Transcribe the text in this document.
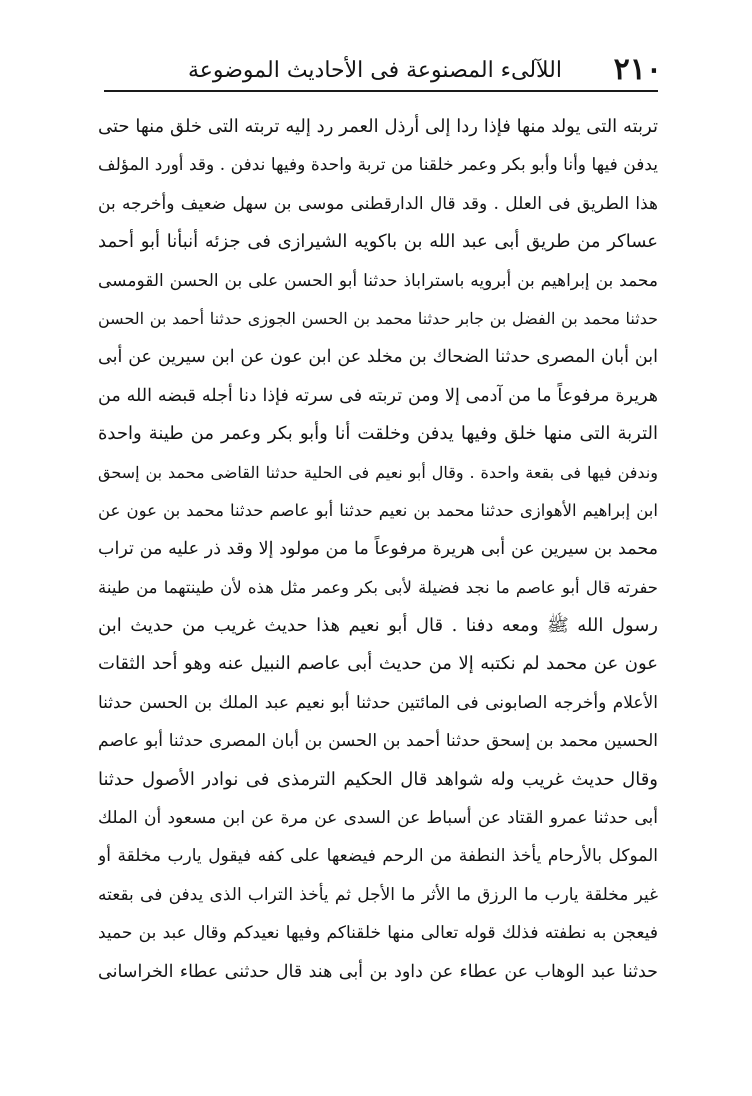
٢١٠
اللآلىء المصنوعة فى الأحاديث الموضوعة
تربته التى يولد منها فإذا ردا إلى أرذل العمر رد إليه تربته التى خلق منها حتى
يدفن فيها وأنا وأبو بكر وعمر خلقنا من تربة واحدة وفيها ندفن . وقد أورد المؤلف
هذا الطريق فى العلل . وقد قال الدارقطنى موسى بن سهل ضعيف وأخرجه بن
عساكر من طريق أبى عبد الله بن باكويه الشيرازى فى جزئه أنبأنا أبو أحمد
محمد بن إبراهيم بن أبرويه باستراباذ حدثنا أبو الحسن على بن الحسن القومسى
حدثنا محمد بن الفضل بن جابر حدثنا محمد بن الحسن الجوزى حدثنا أحمد بن الحسن
ابن أبان المصرى حدثنا الضحاك بن مخلد عن ابن عون عن ابن سيرين عن أبى
هريرة مرفوعاً ما من آدمى إلا ومن تربته فى سرته فإذا دنا أجله قبضه الله من
التربة التى منها خلق وفيها يدفن وخلقت أنا وأبو بكر وعمر من طينة واحدة
وندفن فيها فى بقعة واحدة . وقال أبو نعيم فى الحلية حدثنا القاضى محمد بن إسحق
ابن إبراهيم الأهوازى حدثنا محمد بن نعيم حدثنا أبو عاصم حدثنا محمد بن عون عن
محمد بن سيرين عن أبى هريرة مرفوعاً ما من مولود إلا وقد ذر عليه من تراب
حفرته قال أبو عاصم ما نجد فضيلة لأبى بكر وعمر مثل هذه لأن طينتهما من طينة
رسول الله ﷺ ومعه دفنا . قال أبو نعيم هذا حديث غريب من حديث ابن
عون عن محمد لم نكتبه إلا من حديث أبى عاصم النبيل عنه وهو أحد الثقات
الأعلام وأخرجه الصابونى فى المائتين حدثنا أبو نعيم عبد الملك بن الحسن حدثنا
الحسين محمد بن إسحق حدثنا أحمد بن الحسن بن أبان المصرى حدثنا أبو عاصم
وقال حديث غريب وله شواهد قال الحكيم الترمذى فى نوادر الأصول حدثنا
أبى حدثنا عمرو القتاد عن أسباط عن السدى عن مرة عن ابن مسعود أن الملك
الموكل بالأرحام يأخذ النطفة من الرحم فيضعها على كفه فيقول يارب مخلقة أو
غير مخلقة يارب ما الرزق ما الأثر ما الأجل ثم يأخذ التراب الذى يدفن فى بقعته
فيعجن به نطفته فذلك قوله تعالى منها خلقناكم وفيها نعيدكم وقال عبد بن حميد
حدثنا عبد الوهاب عن عطاء عن داود بن أبى هند قال حدثنى عطاء الخراسانى
